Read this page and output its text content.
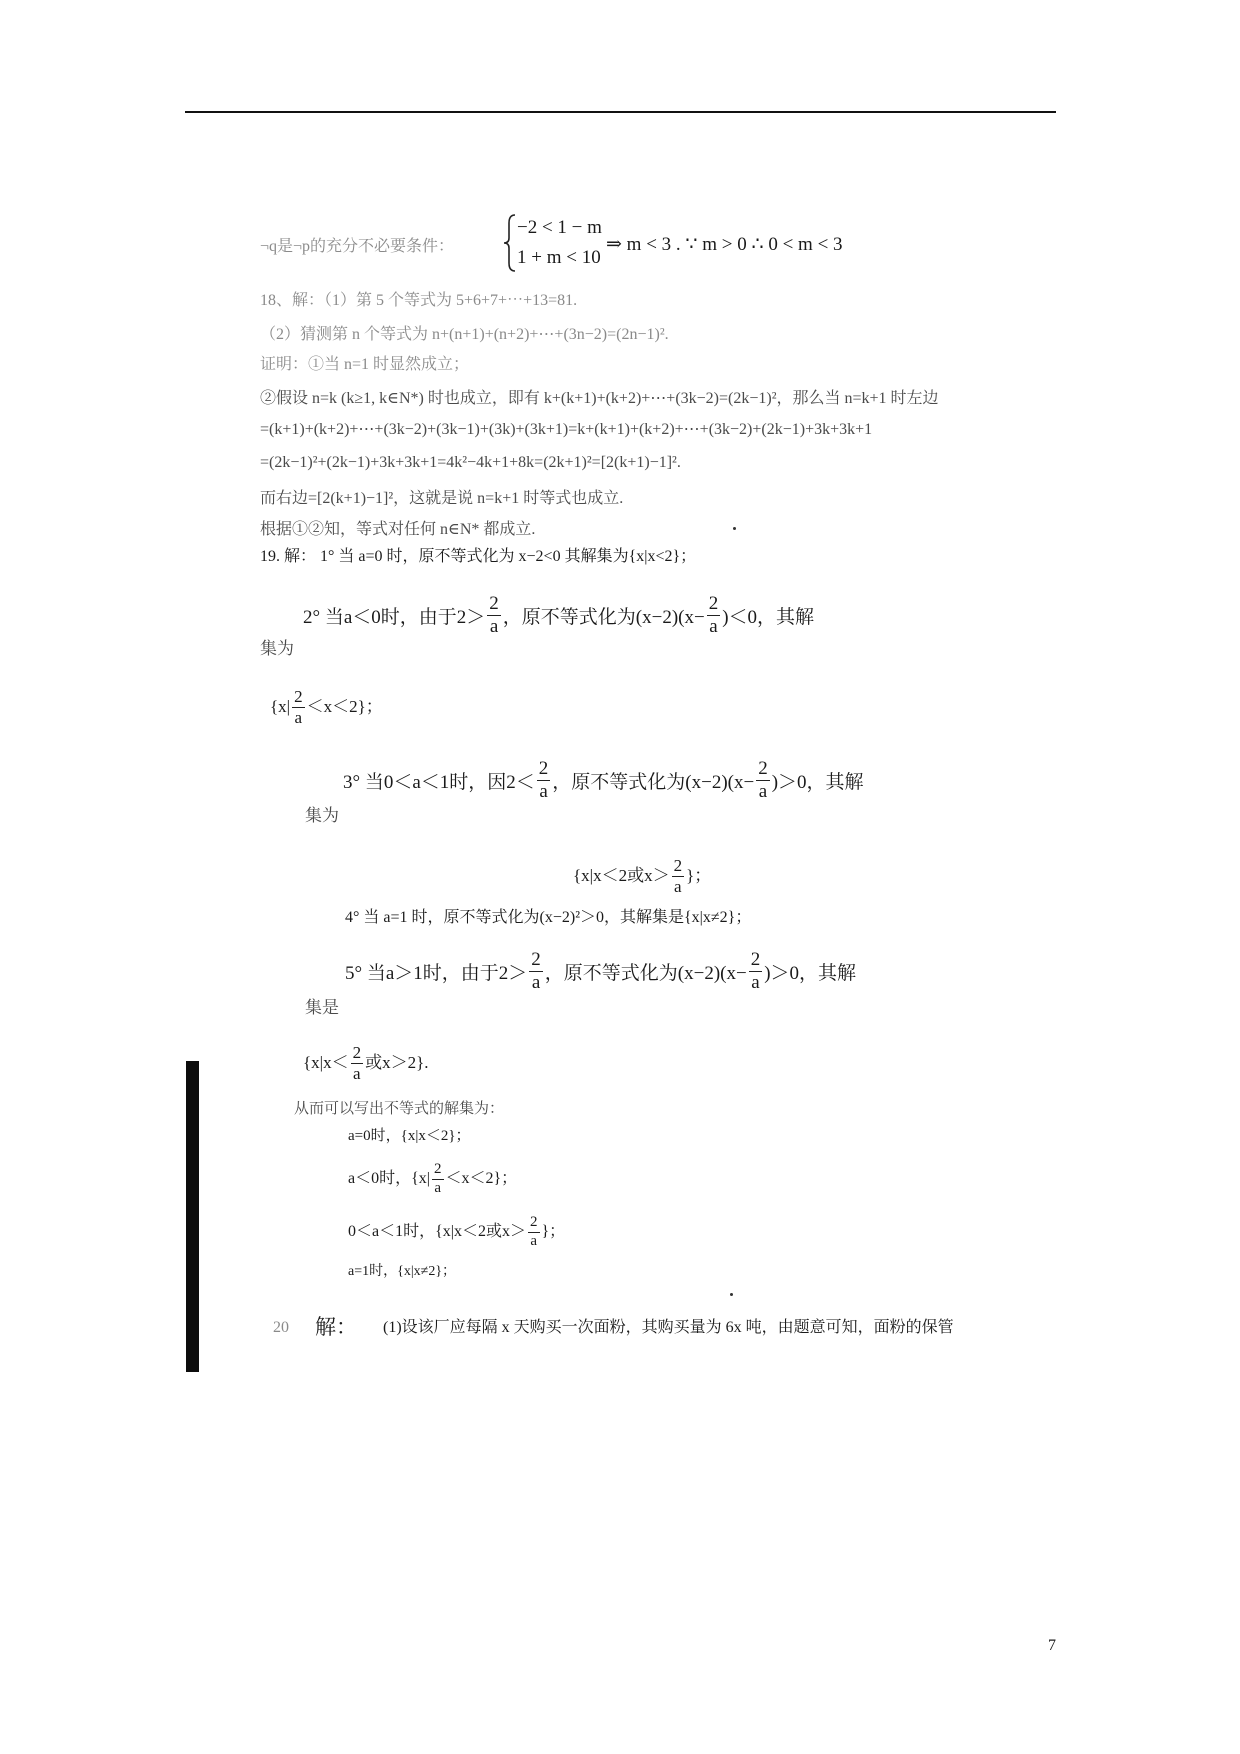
¬q是¬p的充分不必要条件：
−2 < 1 − m
1 + m < 10
⇒ m < 3 . ∵ m > 0 ∴ 0 < m < 3
18、解：（1）第 5 个等式为 5+6+7+⋯+13=81.
（2）猜测第 n 个等式为 n+(n+1)+(n+2)+⋯+(3n−2)=(2n−1)².
证明：①当 n=1 时显然成立；
②假设 n=k (k≥1, k∈N*) 时也成立，即有 k+(k+1)+(k+2)+⋯+(3k−2)=(2k−1)²，那么当 n=k+1 时左边
=(k+1)+(k+2)+⋯+(3k−2)+(3k−1)+(3k)+(3k+1)=k+(k+1)+(k+2)+⋯+(3k−2)+(2k−1)+3k+3k+1
=(2k−1)²+(2k−1)+3k+3k+1=4k²−4k+1+8k=(2k+1)²=[2(k+1)−1]².
而右边=[2(k+1)−1]²，这就是说 n=k+1 时等式也成立.
根据①②知，等式对任何 n∈N* 都成立.
19. 解： 1° 当 a=0 时，原不等式化为 x−2<0 其解集为{x|x<2}；
2° 当a＜0时，由于$2> \frac{2}{a}$ ，原不等式化为$(x-2)(x- \frac{2}{a} )<0$，其解
集为
$\{x| \frac{2}{a} <x<2\}$；
3° 当0＜a＜1时，因$2< \frac{2}{a}$ ，原不等式化为$(x-2)(x- \frac{2}{a} )>0$，其解
集为
{x|x＜2或$x> \frac{2}{a}$ }；
4° 当 a=1 时，原不等式化为(x−2)²＞0，其解集是{x|x≠2}；
5° 当a＞1时，由于$2> \frac{2}{a}$ ，原不等式化为$(x-2)(x- \frac{2}{a} )>0$，其解
集是
{$x|x< \frac{2}{a}$ 或x＞2}.
从而可以写出不等式的解集为：
a=0时，{x|x＜2}；
a＜0时，$\{x| \frac{2}{a} <x<2\}$；
0＜a＜1时，{x|x＜2或$x> \frac{2}{a}$ }；
a=1时，{x|x≠2}；
20 解： (1)设该厂应每隔 x 天购买一次面粉，其购买量为 6x 吨，由题意可知，面粉的保管
7
